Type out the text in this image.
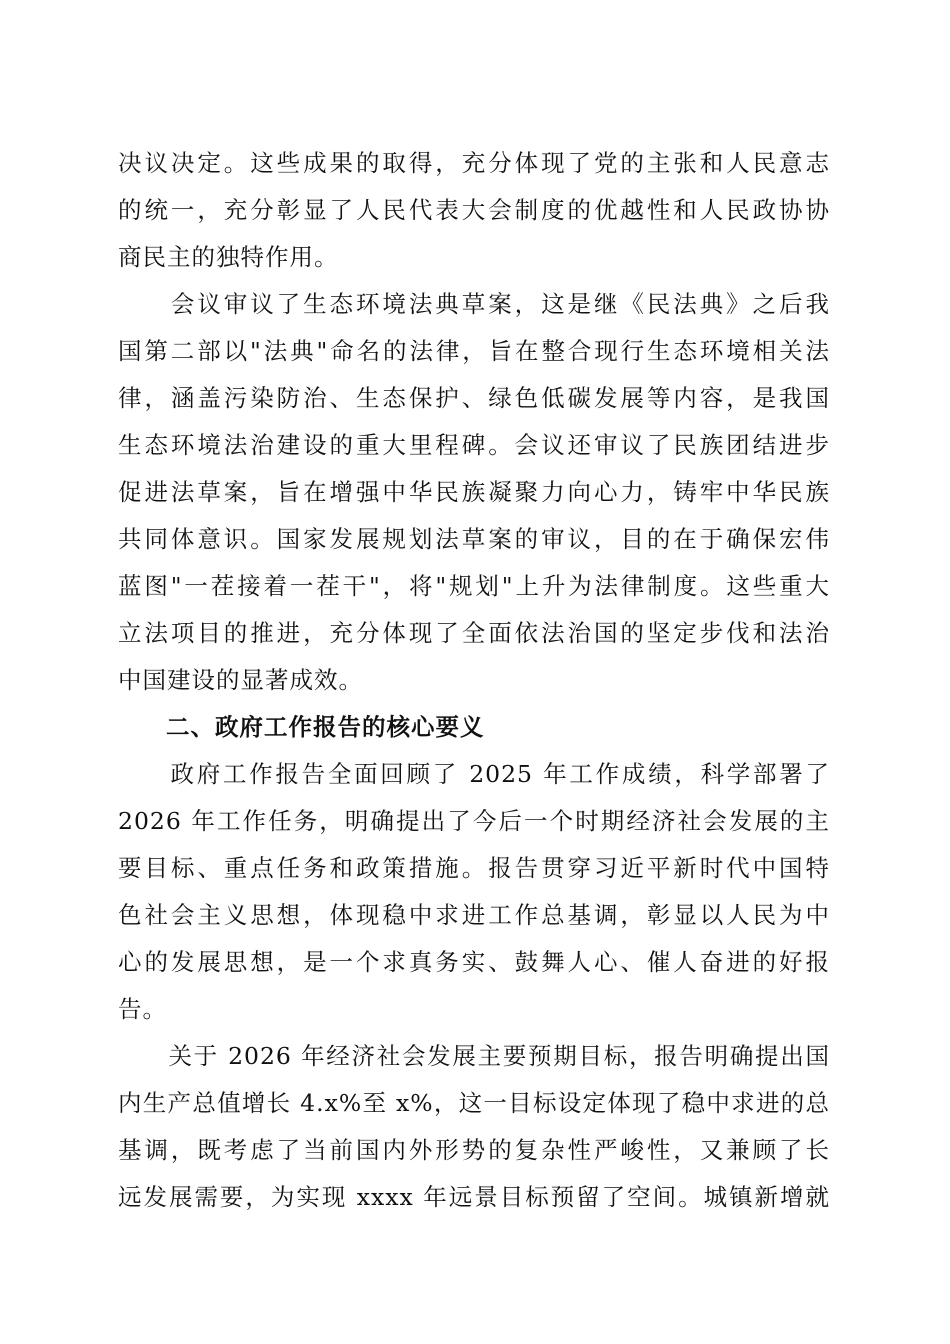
决议决定。这些成果的取得，充分体现了党的主张和人民意志
的统一，充分彰显了人民代表大会制度的优越性和人民政协协
商民主的独特作用。
　　会议审议了生态环境法典草案，这是继《民法典》之后我
国第二部以"法典"命名的法律，旨在整合现行生态环境相关法
律，涵盖污染防治、生态保护、绿色低碳发展等内容，是我国
生态环境法治建设的重大里程碑。会议还审议了民族团结进步
促进法草案，旨在增强中华民族凝聚力向心力，铸牢中华民族
共同体意识。国家发展规划法草案的审议，目的在于确保宏伟
蓝图"一茬接着一茬干"，将"规划"上升为法律制度。这些重大
立法项目的推进，充分体现了全面依法治国的坚定步伐和法治
中国建设的显著成效。
二、政府工作报告的核心要义
　　政府工作报告全面回顾了 2025 年工作成绩，科学部署了
2026 年工作任务，明确提出了今后一个时期经济社会发展的主
要目标、重点任务和政策措施。报告贯穿习近平新时代中国特
色社会主义思想，体现稳中求进工作总基调，彰显以人民为中
心的发展思想，是一个求真务实、鼓舞人心、催人奋进的好报
告。
　　关于 2026 年经济社会发展主要预期目标，报告明确提出国
内生产总值增长 4.x%至 x%，这一目标设定体现了稳中求进的总
基调，既考虑了当前国内外形势的复杂性严峻性，又兼顾了长
远发展需要，为实现 xxxx 年远景目标预留了空间。城镇新增就
